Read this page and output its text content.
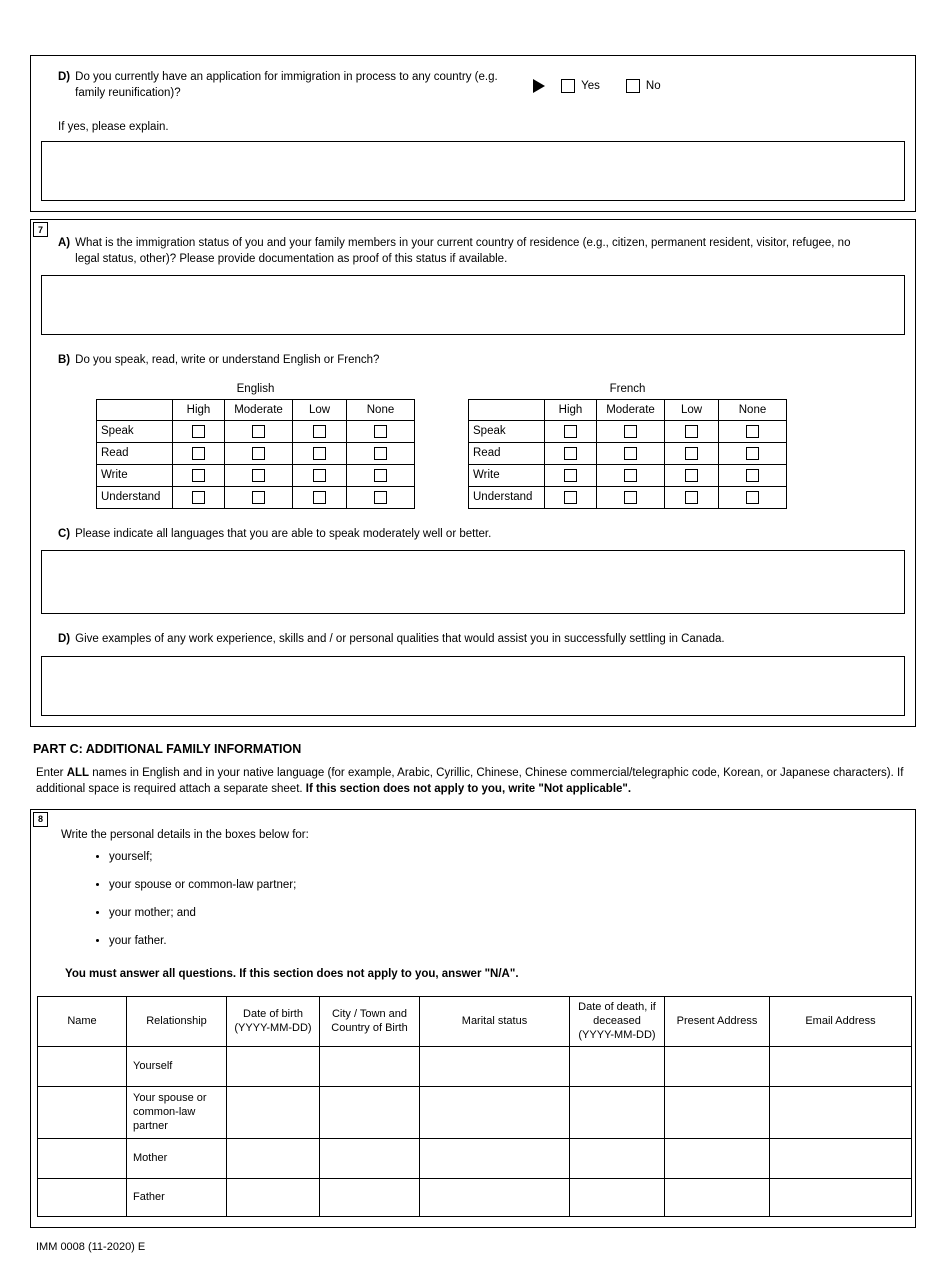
D) Do you currently have an application for immigration in process to any country (e.g. family reunification)?
Yes	No
If yes, please explain.
7
A) What is the immigration status of you and your family members in your current country of residence (e.g., citizen, permanent resident, visitor, refugee, no legal status, other)? Please provide documentation as proof of this status if available.
B) Do you speak, read, write or understand English or French?
English
	High	Moderate	Low	None
Speak				
Read				
Write				
Understand				
French
	High	Moderate	Low	None
Speak				
Read				
Write				
Understand				
C) Please indicate all languages that you are able to speak moderately well or better.
D) Give examples of any work experience, skills and / or personal qualities that would assist you in successfully settling in Canada.
PART C: ADDITIONAL FAMILY INFORMATION
Enter ALL names in English and in your native language (for example, Arabic, Cyrillic, Chinese, Chinese commercial/telegraphic code, Korean, or Japanese characters). If additional space is required attach a separate sheet. If this section does not apply to you, write "Not applicable".
8
Write the personal details in the boxes below for:
• yourself;
• your spouse or common-law partner;
• your mother; and
• your father.
You must answer all questions. If this section does not apply to you, answer "N/A".
Name	Relationship	Date of birth (YYYY-MM-DD)	City / Town and Country of Birth	Marital status	Date of death, if deceased (YYYY-MM-DD)	Present Address	Email Address
	Yourself						
	Your spouse or common-law partner						
	Mother						
	Father						
IMM 0008 (11-2020) E
